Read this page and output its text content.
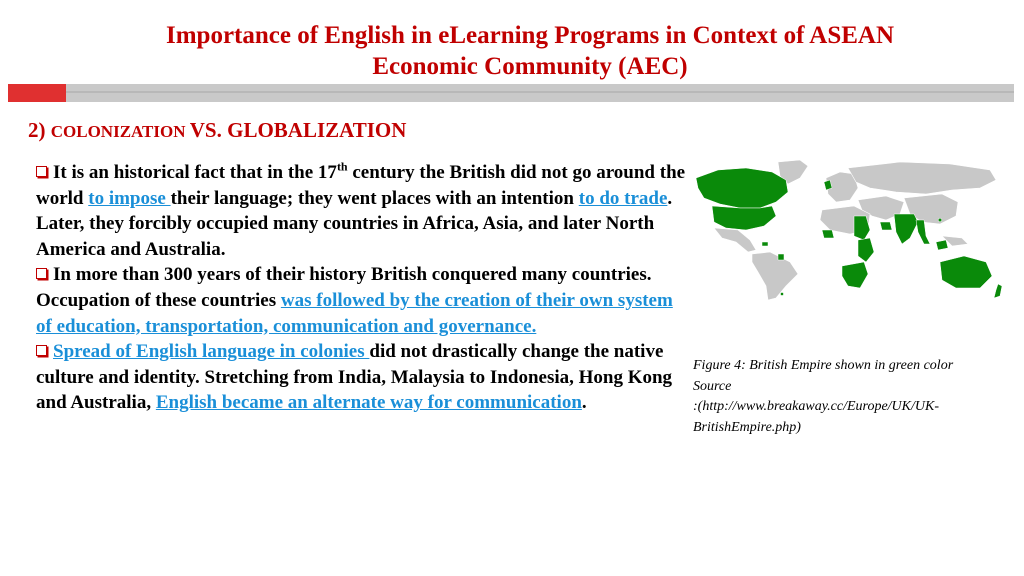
Importance of English in eLearning Programs in Context of ASEAN
Economic Community (AEC)
2) COLONIZATION VS. GLOBALIZATION

It is an historical fact that in the 17th century the British did not go around the world to impose their language; they went places with an intention to do trade. Later, they forcibly occupied many countries in Africa, Asia, and later North America and Australia.

In more than 300 years of their history British conquered many countries. Occupation of these countries was followed by the creation of their own system of education, transportation, communication and governance.

Spread of English language in colonies did not drastically change the native culture and identity. Stretching from India, Malaysia to Indonesia, Hong Kong and Australia, English became an alternate way for communication.

Figure 4: British Empire shown in green color
Source
:(http://www.breakaway.cc/Europe/UK/UK-BritishEmpire.php)
